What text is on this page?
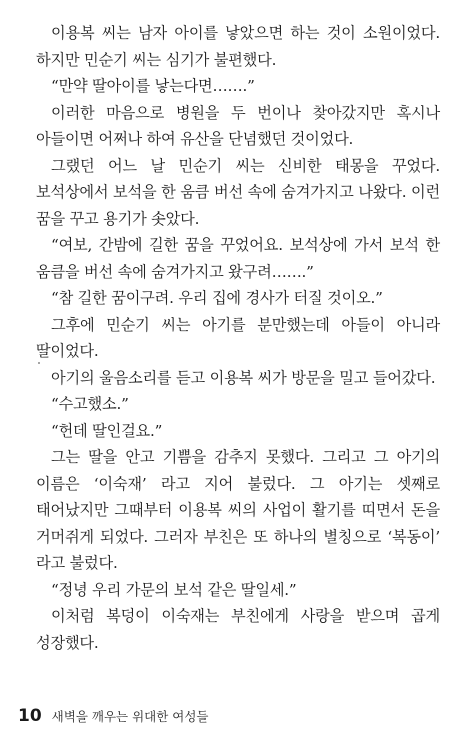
이용복 씨는 남자 아이를 낳았으면 하는 것이 소원이었다. 하지만 민순기 씨는 심기가 불편했다.

“만약 딸아이를 낳는다면…….”

이러한 마음으로 병원을 두 번이나 찾아갔지만 혹시나 아들이면 어쩌나 하여 유산을 단념했던 것이었다.

그랬던 어느 날 민순기 씨는 신비한 태몽을 꾸었다. 보석상에서 보석을 한 움큼 버선 속에 숨겨가지고 나왔다. 이런 꿈을 꾸고 용기가 솟았다.

“여보, 간밤에 길한 꿈을 꾸었어요. 보석상에 가서 보석 한 움큼을 버선 속에 숨겨가지고 왔구려…….”

“참 길한 꿈이구려. 우리 집에 경사가 터질 것이오.”

그후에 민순기 씨는 아기를 분만했는데 아들이 아니라 딸이었다.

아기의 울음소리를 듣고 이용복 씨가 방문을 밀고 들어갔다.

“수고했소.”

“헌데 딸인걸요.”

그는 딸을 안고 기쁨을 감추지 못했다. 그리고 그 아기의 이름은 ‘이숙재’ 라고 지어 불렀다. 그 아기는 셋째로 태어났지만 그때부터 이용복 씨의 사업이 활기를 띠면서 돈을 거머쥐게 되었다. 그러자 부친은 또 하나의 별칭으로 ‘복동이’ 라고 불렀다.

“정녕 우리 가문의 보석 같은 딸일세.”

이처럼 복덩이 이숙재는 부친에게 사랑을 받으며 곱게 성장했다.

10 새벽을 깨우는 위대한 여성들
